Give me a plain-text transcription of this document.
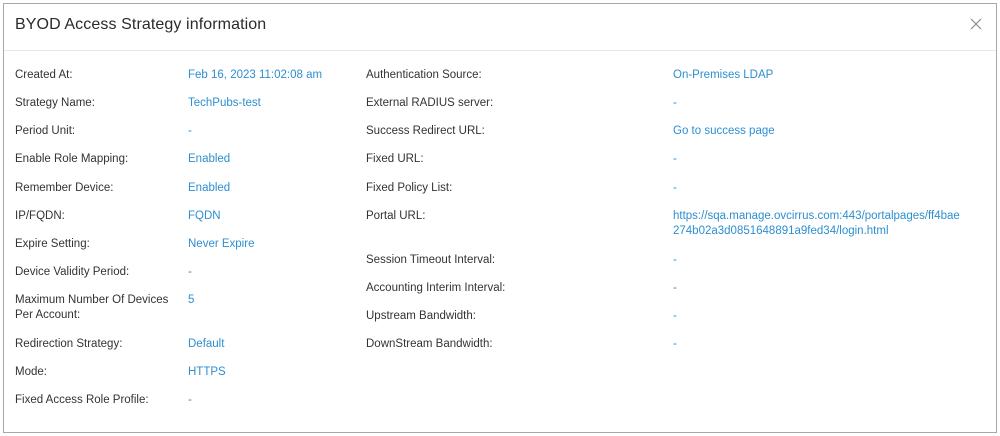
BYOD Access Strategy information
Created At:	Feb 16, 2023 11:02:08 am
Strategy Name:	TechPubs-test
Period Unit:	-
Enable Role Mapping:	Enabled
Remember Device:	Enabled
IP/FQDN:	FQDN
Expire Setting:	Never Expire
Device Validity Period:	-
Maximum Number Of Devices Per Account:
5
Redirection Strategy:	Default
Mode:	HTTPS
Fixed Access Role Profile:	-
Authentication Source:	On-Premises LDAP
External RADIUS server:	-
Success Redirect URL:	Go to success page
Fixed URL:	-
Fixed Policy List:	-
Portal URL:	https://sqa.manage.ovcirrus.com:443/portalpages/ff4bae274b02a3d0851648891a9fed34/login.html
Session Timeout Interval:	-
Accounting Interim Interval:	-
Upstream Bandwidth:	-
DownStream Bandwidth:	-
